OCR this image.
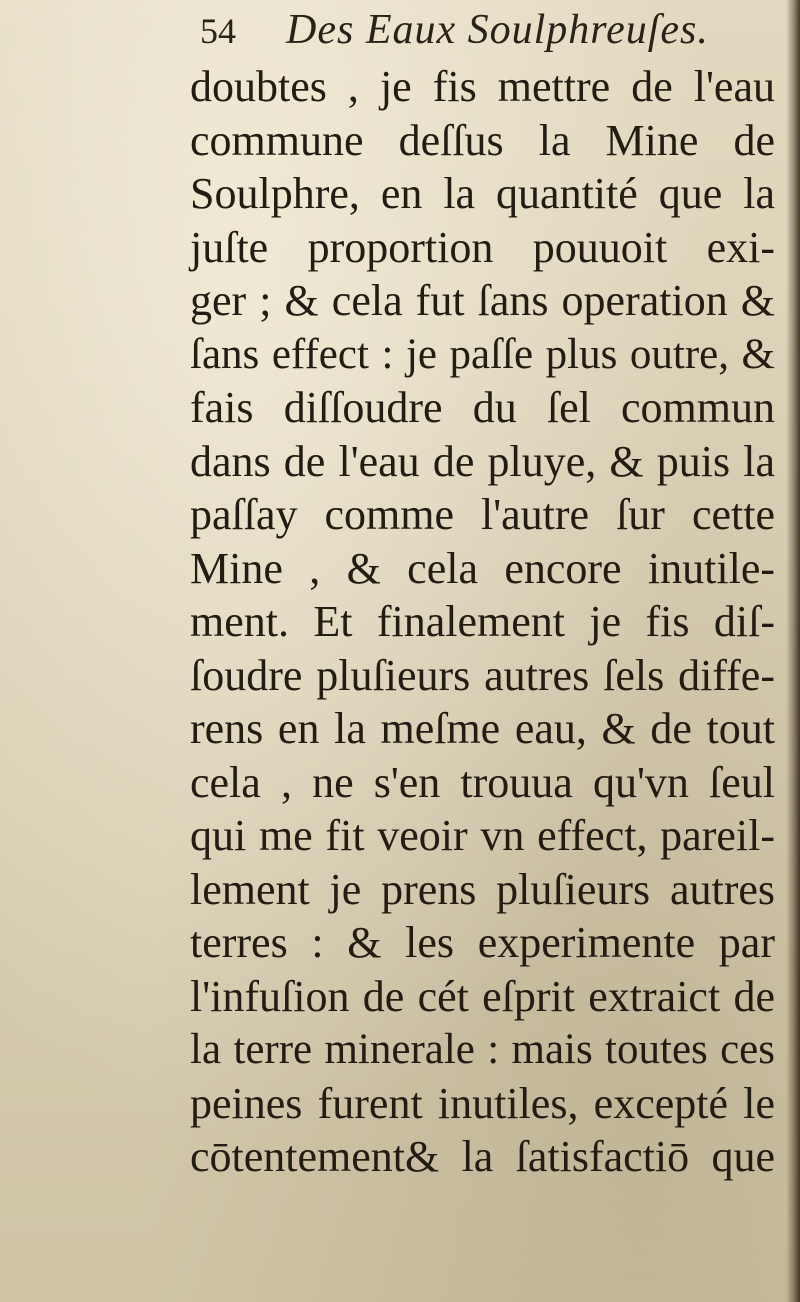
54 Des Eaux Soulphreuſes.
doubtes , je fis mettre de l'eau
commune deſſus la Mine de
Soulphre, en la quantité que la
juſte proportion pouuoit exi-
ger ; & cela fut ſans operation &
ſans effect : je paſſe plus outre, &
fais diſſoudre du ſel commun
dans de l'eau de pluye, & puis la
paſſay comme l'autre ſur cette
Mine , & cela encore inutile-
ment. Et finalement je fis diſ-
ſoudre pluſieurs autres ſels diffe-
rens en la meſme eau, & de tout
cela , ne s'en trouua qu'vn ſeul
qui me fit veoir vn effect, pareil-
lement je prens pluſieurs autres
terres : & les experimente par
l'infuſion de cét eſprit extraict de
la terre minerale : mais toutes ces
peines furent inutiles, excepté le
cōtentement& la ſatisfactiō que
